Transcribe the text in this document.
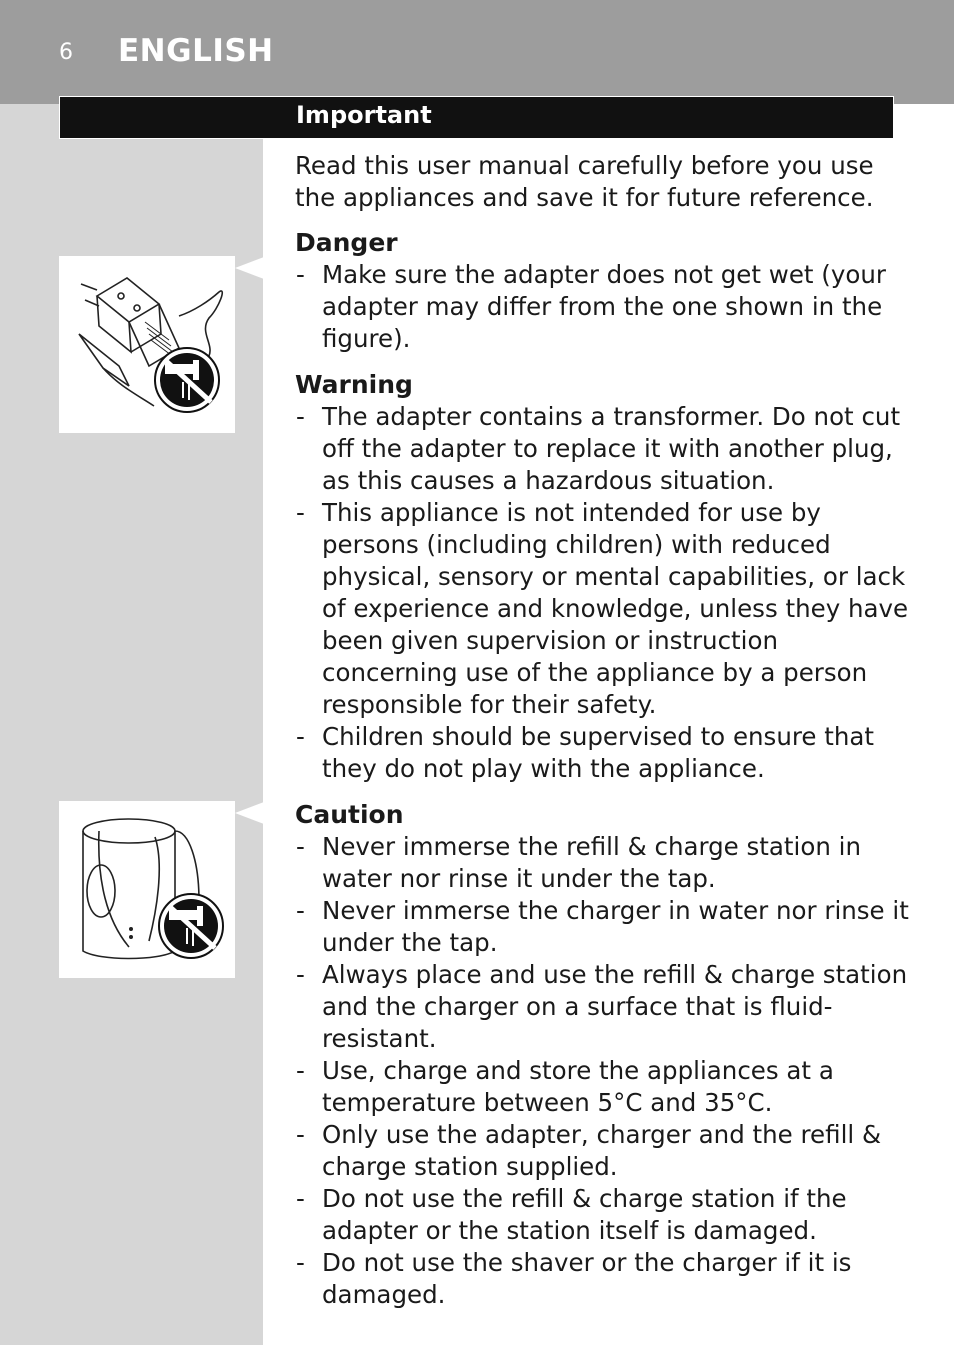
6 ENGLISH
Important

Read this user manual carefully before you use the appliances and save it for future reference.

Danger

- Make sure the adapter does not get wet (your adapter may differ from the one shown in the figure).

Warning

- The adapter contains a transformer. Do not cut off the adapter to replace it with another plug, as this causes a hazardous situation.
- This appliance is not intended for use by persons (including children) with reduced physical, sensory or mental capabilities, or lack of experience and knowledge, unless they have been given supervision or instruction concerning use of the appliance by a person responsible for their safety.
- Children should be supervised to ensure that they do not play with the appliance.

Caution

- Never immerse the refill & charge station in water nor rinse it under the tap.
- Never immerse the charger in water nor rinse it under the tap.
- Always place and use the refill & charge station and the charger on a surface that is fluid-resistant.
- Use, charge and store the appliances at a temperature between 5°C and 35°C.
- Only use the adapter, charger and the refill & charge station supplied.
- Do not use the refill & charge station if the adapter or the station itself is damaged.
- Do not use the shaver or the charger if it is damaged.
